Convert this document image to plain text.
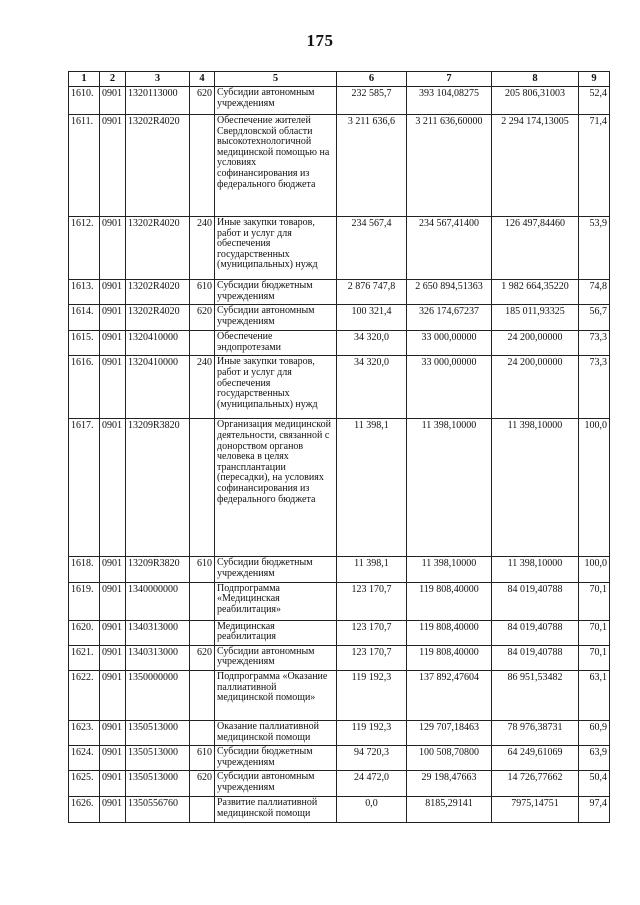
175
1	2	3	4	5	6	7	8	9
1610.	0901	1320113000	620	Субсидии автономным учреждениям	232 585,7	393 104,08275	205 806,31003	52,4
1611.	0901	13202R4020		Обеспечение жителей Свердловской области высокотехнологичной медицинской помощью на условиях софинансирования из федерального бюджета	3 211 636,6	3 211 636,60000	2 294 174,13005	71,4
1612.	0901	13202R4020	240	Иные закупки товаров, работ и услуг для обеспечения государственных (муниципальных) нужд	234 567,4	234 567,41400	126 497,84460	53,9
1613.	0901	13202R4020	610	Субсидии бюджетным учреждениям	2 876 747,8	2 650 894,51363	1 982 664,35220	74,8
1614.	0901	13202R4020	620	Субсидии автономным учреждениям	100 321,4	326 174,67237	185 011,93325	56,7
1615.	0901	1320410000		Обеспечение эндопротезами	34 320,0	33 000,00000	24 200,00000	73,3
1616.	0901	1320410000	240	Иные закупки товаров, работ и услуг для обеспечения государственных (муниципальных) нужд	34 320,0	33 000,00000	24 200,00000	73,3
1617.	0901	13209R3820		Организация медицинской деятельности, связанной с донорством органов человека в целях трансплантации (пересадки), на условиях софинансирования из федерального бюджета	11 398,1	11 398,10000	11 398,10000	100,0
1618.	0901	13209R3820	610	Субсидии бюджетным учреждениям	11 398,1	11 398,10000	11 398,10000	100,0
1619.	0901	1340000000		Подпрограмма «Медицинская реабилитация»	123 170,7	119 808,40000	84 019,40788	70,1
1620.	0901	1340313000		Медицинская реабилитация	123 170,7	119 808,40000	84 019,40788	70,1
1621.	0901	1340313000	620	Субсидии автономным учреждениям	123 170,7	119 808,40000	84 019,40788	70,1
1622.	0901	1350000000		Подпрограмма «Оказание паллиативной медицинской помощи»	119 192,3	137 892,47604	86 951,53482	63,1
1623.	0901	1350513000		Оказание паллиативной медицинской помощи	119 192,3	129 707,18463	78 976,38731	60,9
1624.	0901	1350513000	610	Субсидии бюджетным учреждениям	94 720,3	100 508,70800	64 249,61069	63,9
1625.	0901	1350513000	620	Субсидии автономным учреждениям	24 472,0	29 198,47663	14 726,77662	50,4
1626.	0901	1350556760		Развитие паллиативной медицинской помощи	0,0	8185,29141	7975,14751	97,4
